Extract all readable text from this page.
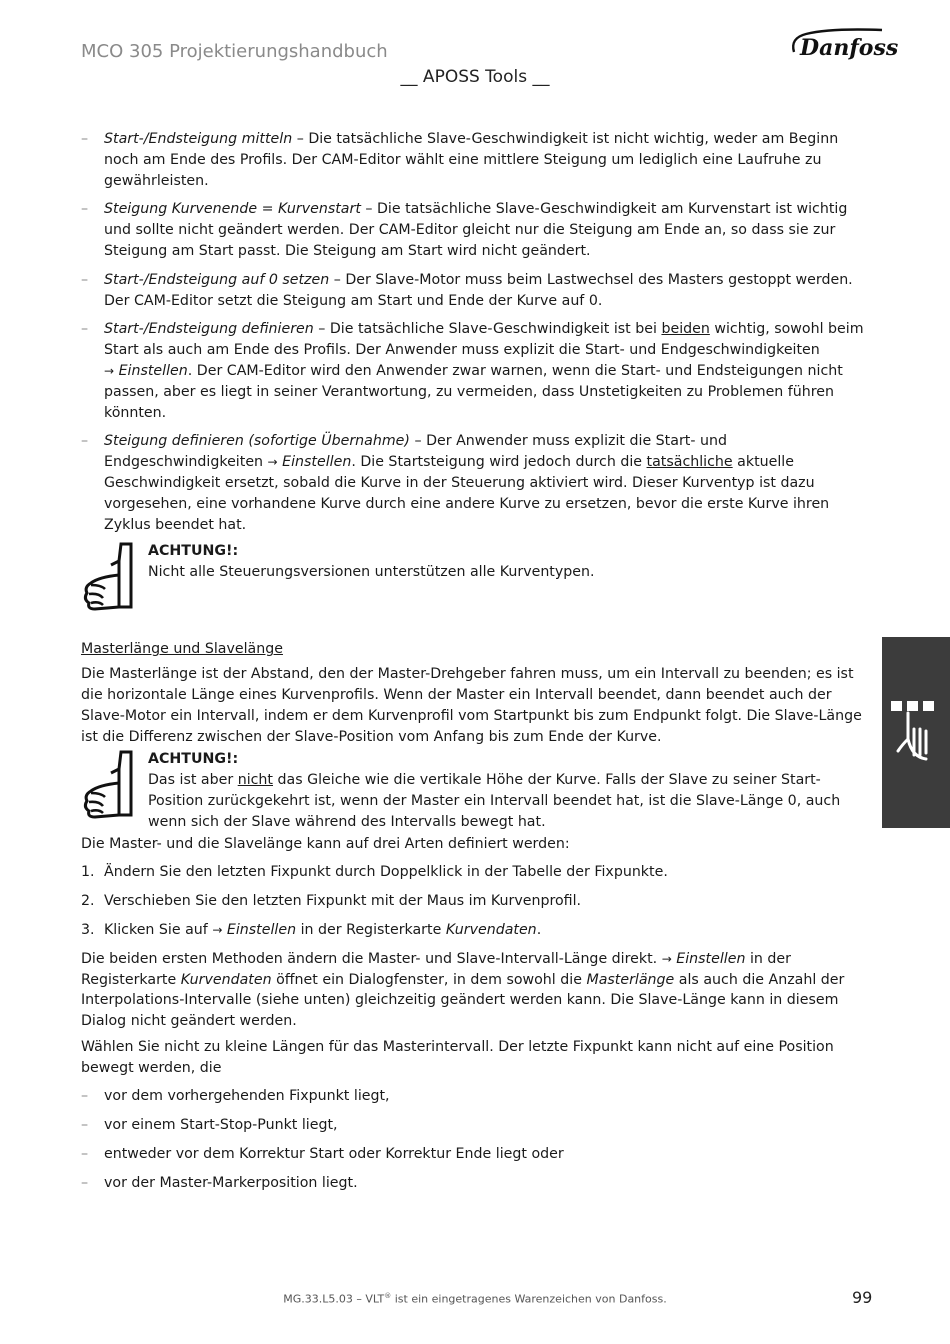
MCO 305 Projektierungshandbuch	Danfoss
__ APOSS Tools __
– Start-/Endsteigung mitteln – Die tatsächliche Slave-Geschwindigkeit ist nicht wichtig, weder am Beginn noch am Ende des Profils. Der CAM-Editor wählt eine mittlere Steigung um lediglich eine Laufruhe zu gewährleisten.
– Steigung Kurvenende = Kurvenstart – Die tatsächliche Slave-Geschwindigkeit am Kurvenstart ist wichtig und sollte nicht geändert werden. Der CAM-Editor gleicht nur die Steigung am Ende an, so dass sie zur Steigung am Start passt. Die Steigung am Start wird nicht geändert.
– Start-/Endsteigung auf 0 setzen – Der Slave-Motor muss beim Lastwechsel des Masters gestoppt werden. Der CAM-Editor setzt die Steigung am Start und Ende der Kurve auf 0.
– Start-/Endsteigung definieren – Die tatsächliche Slave-Geschwindigkeit ist bei beiden wichtig, sowohl beim Start als auch am Ende des Profils. Der Anwender muss explizit die Start- und Endgeschwindigkeiten → Einstellen. Der CAM-Editor wird den Anwender zwar warnen, wenn die Start- und Endsteigungen nicht passen, aber es liegt in seiner Verantwortung, zu vermeiden, dass Unstetigkeiten zu Problemen führen könnten.
– Steigung definieren (sofortige Übernahme) – Der Anwender muss explizit die Start- und Endgeschwindigkeiten → Einstellen. Die Startsteigung wird jedoch durch die tatsächliche aktuelle Geschwindigkeit ersetzt, sobald die Kurve in der Steuerung aktiviert wird. Dieser Kurventyp ist dazu vorgesehen, eine vorhandene Kurve durch eine andere Kurve zu ersetzen, bevor die erste Kurve ihren Zyklus beendet hat.
ACHTUNG!:
Nicht alle Steuerungsversionen unterstützen alle Kurventypen.
Masterlänge und Slavelänge

Die Masterlänge ist der Abstand, den der Master-Drehgeber fahren muss, um ein Intervall zu beenden; es ist die horizontale Länge eines Kurvenprofils. Wenn der Master ein Intervall beendet, dann beendet auch der Slave-Motor ein Intervall, indem er dem Kurvenprofil vom Startpunkt bis zum Endpunkt folgt. Die Slave-Länge ist die Differenz zwischen der Slave-Position vom Anfang bis zum Ende der Kurve.

ACHTUNG!:
Das ist aber nicht das Gleiche wie die vertikale Höhe der Kurve. Falls der Slave zu seiner Start-Position zurückgekehrt ist, wenn der Master ein Intervall beendet hat, ist die Slave-Länge 0, auch wenn sich der Slave während des Intervalls bewegt hat.

Die Master- und die Slavelänge kann auf drei Arten definiert werden:

1. Ändern Sie den letzten Fixpunkt durch Doppelklick in der Tabelle der Fixpunkte.
2. Verschieben Sie den letzten Fixpunkt mit der Maus im Kurvenprofil.
3. Klicken Sie auf → Einstellen in der Registerkarte Kurvendaten.

Die beiden ersten Methoden ändern die Master- und Slave-Intervall-Länge direkt. → Einstellen in der Registerkarte Kurvendaten öffnet ein Dialogfenster, in dem sowohl die Masterlänge als auch die Anzahl der Interpolations-Intervalle (siehe unten) gleichzeitig geändert werden kann. Die Slave-Länge kann in diesem Dialog nicht geändert werden.

Wählen Sie nicht zu kleine Längen für das Masterintervall. Der letzte Fixpunkt kann nicht auf eine Position bewegt werden, die

– vor dem vorhergehenden Fixpunkt liegt,
– vor einem Start-Stop-Punkt liegt,
– entweder vor dem Korrektur Start oder Korrektur Ende liegt oder
– vor der Master-Markerposition liegt.
MG.33.L5.03 – VLT® ist ein eingetragenes Warenzeichen von Danfoss.	99
